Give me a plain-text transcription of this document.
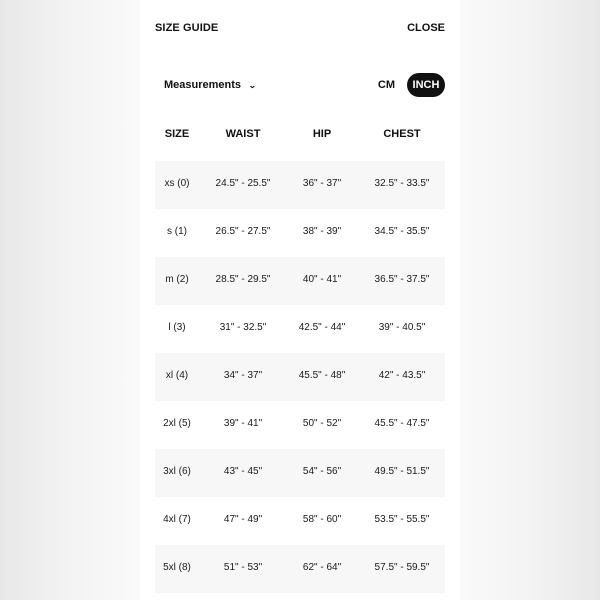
SIZE GUIDE	CLOSE
Measurements ⌄	CM	INCH
SIZE	WAIST	HIP	CHEST
xs (0)	24.5" - 25.5"	36" - 37"	32.5" - 33.5"
s (1)	26.5" - 27.5"	38" - 39"	34.5" - 35.5"
m (2)	28.5" - 29.5"	40" - 41"	36.5" - 37.5"
l (3)	31" - 32.5"	42.5" - 44"	39" - 40.5"
xl (4)	34" - 37"	45.5" - 48"	42" - 43.5"
2xl (5)	39" - 41"	50" - 52"	45.5" - 47.5"
3xl (6)	43" - 45"	54" - 56"	49.5" - 51.5"
4xl (7)	47" - 49"	58" - 60"	53.5" - 55.5"
5xl (8)	51" - 53"	62" - 64"	57.5" - 59.5"
